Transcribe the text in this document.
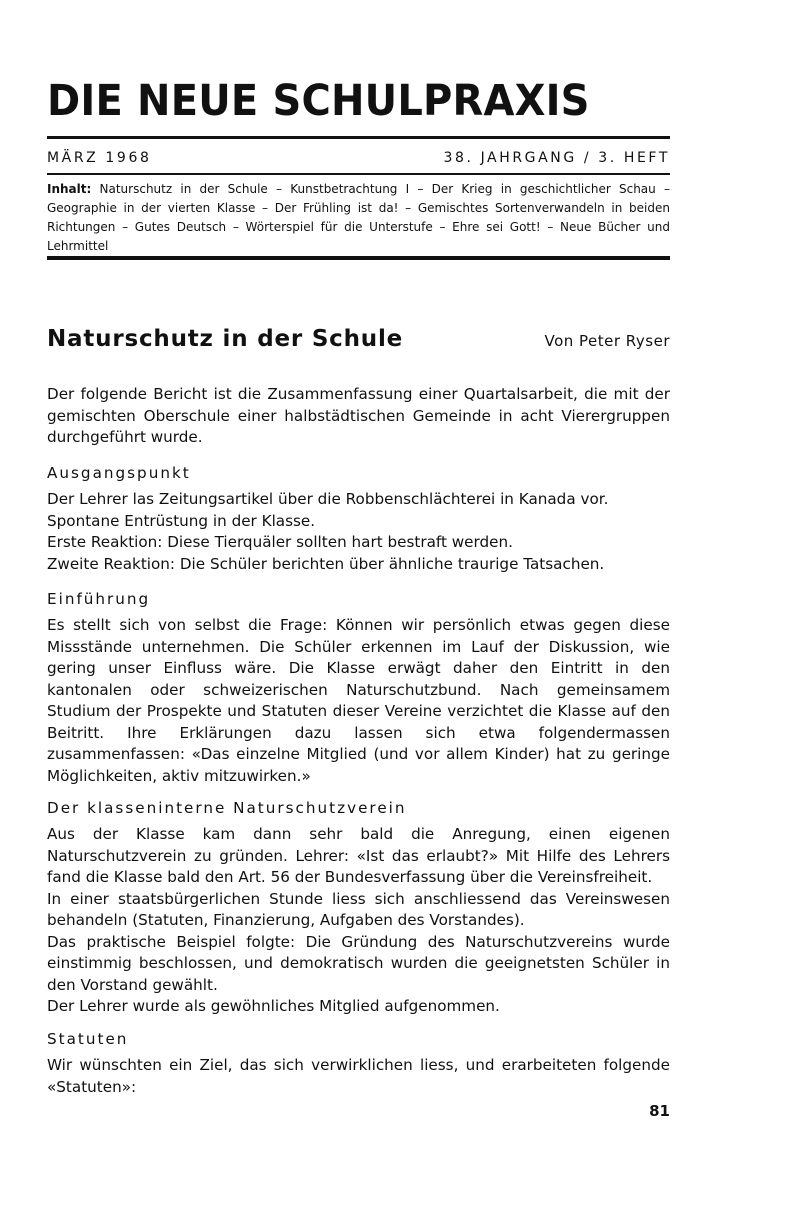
DIE NEUE SCHULPRAXIS
MÄRZ 1968	38. JAHRGANG / 3. HEFT
Inhalt: Naturschutz in der Schule – Kunstbetrachtung I – Der Krieg in geschichtlicher Schau – Geographie in der vierten Klasse – Der Frühling ist da! – Gemischtes Sortenverwandeln in beiden Richtungen – Gutes Deutsch – Wörterspiel für die Unterstufe – Ehre sei Gott! – Neue Bücher und Lehrmittel
Naturschutz in der Schule	Von Peter Ryser

Der folgende Bericht ist die Zusammenfassung einer Quartalsarbeit, die mit der gemischten Oberschule einer halbstädtischen Gemeinde in acht Vierergruppen durchgeführt wurde.

Ausgangspunkt

Der Lehrer las Zeitungsartikel über die Robbenschlächterei in Kanada vor.

Spontane Entrüstung in der Klasse.

Erste Reaktion: Diese Tierquäler sollten hart bestraft werden.

Zweite Reaktion: Die Schüler berichten über ähnliche traurige Tatsachen.

Einführung

Es stellt sich von selbst die Frage: Können wir persönlich etwas gegen diese Missstände unternehmen. Die Schüler erkennen im Lauf der Diskussion, wie gering unser Einfluss wäre. Die Klasse erwägt daher den Eintritt in den kantonalen oder schweizerischen Naturschutzbund. Nach gemeinsamem Studium der Prospekte und Statuten dieser Vereine verzichtet die Klasse auf den Beitritt. Ihre Erklärungen dazu lassen sich etwa folgendermassen zusammenfassen: «Das einzelne Mitglied (und vor allem Kinder) hat zu geringe Möglichkeiten, aktiv mitzuwirken.»

Der klasseninterne Naturschutzverein

Aus der Klasse kam dann sehr bald die Anregung, einen eigenen Naturschutzverein zu gründen. Lehrer: «Ist das erlaubt?» Mit Hilfe des Lehrers fand die Klasse bald den Art. 56 der Bundesverfassung über die Vereinsfreiheit.

In einer staatsbürgerlichen Stunde liess sich anschliessend das Vereinswesen behandeln (Statuten, Finanzierung, Aufgaben des Vorstandes).

Das praktische Beispiel folgte: Die Gründung des Naturschutzvereins wurde einstimmig beschlossen, und demokratisch wurden die geeignetsten Schüler in den Vorstand gewählt.

Der Lehrer wurde als gewöhnliches Mitglied aufgenommen.

Statuten

Wir wünschten ein Ziel, das sich verwirklichen liess, und erarbeiteten folgende «Statuten»:

81
